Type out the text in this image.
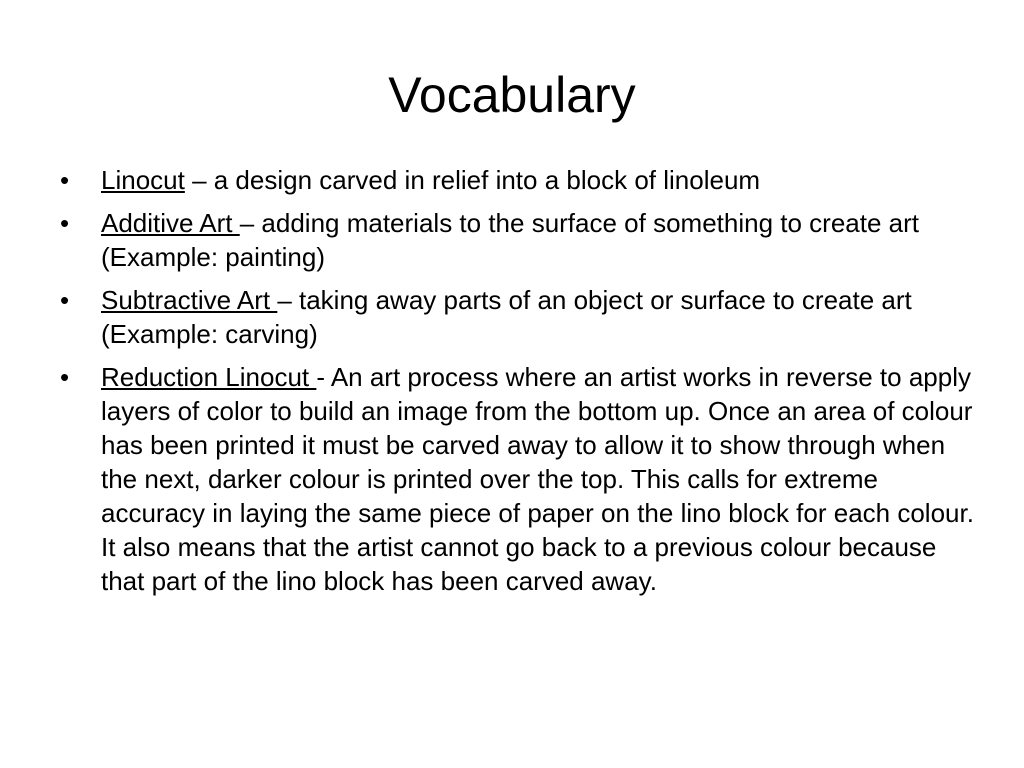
Vocabulary
• Linocut – a design carved in relief into a block of linoleum
• Additive Art – adding materials to the surface of something to create art (Example: painting)
• Subtractive Art – taking away parts of an object or surface to create art (Example: carving)
• Reduction Linocut - An art process where an artist works in reverse to apply layers of color to build an image from the bottom up. Once an area of colour has been printed it must be carved away to allow it to show through when the next, darker colour is printed over the top. This calls for extreme accuracy in laying the same piece of paper on the lino block for each colour. It also means that the artist cannot go back to a previous colour because that part of the lino block has been carved away.
